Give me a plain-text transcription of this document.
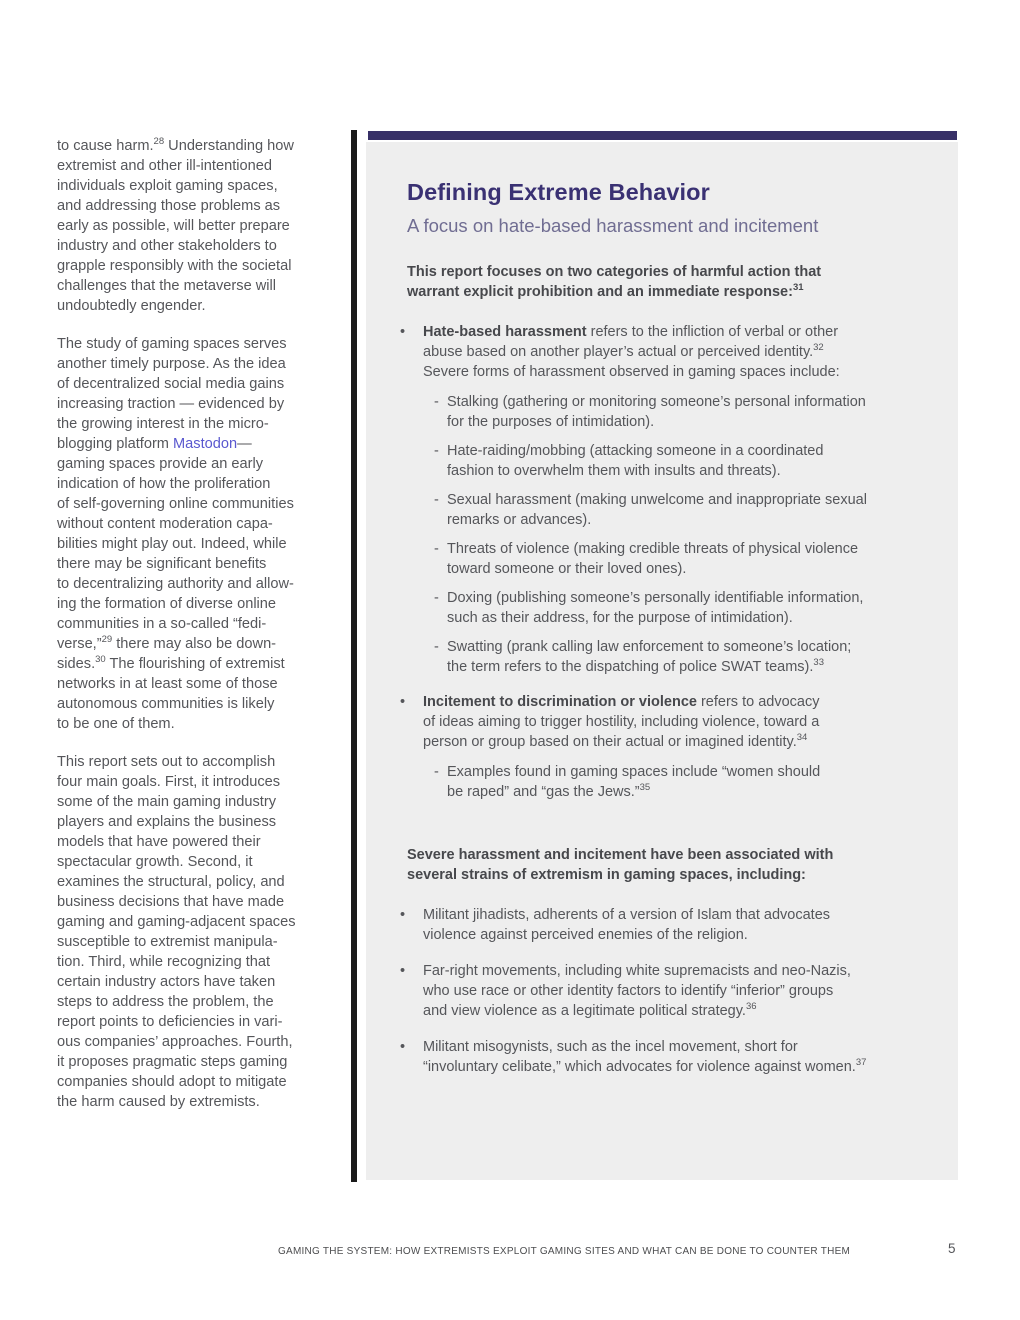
to cause harm.$^{28}$ Understanding how
extremist and other ill-intentioned
individuals exploit gaming spaces,
and addressing those problems as
early as possible, will better prepare
industry and other stakeholders to
grapple responsibly with the societal
challenges that the metaverse will
undoubtedly engender.

The study of gaming spaces serves
another timely purpose. As the idea
of decentralized social media gains
increasing traction — evidenced by
the growing interest in the micro-
blogging platform Mastodon—
gaming spaces provide an early
indication of how the proliferation
of self-governing online communities
without content moderation capa-
bilities might play out. Indeed, while
there may be significant benefits
to decentralizing authority and allow-
ing the formation of diverse online
communities in a so-called “fedi-
verse,”$^{29}$ there may also be down-
sides.$^{30}$ The flourishing of extremist
networks in at least some of those
autonomous communities is likely
to be one of them.

This report sets out to accomplish
four main goals. First, it introduces
some of the main gaming industry
players and explains the business
models that have powered their
spectacular growth. Second, it
examines the structural, policy, and
business decisions that have made
gaming and gaming-adjacent spaces
susceptible to extremist manipula-
tion. Third, while recognizing that
certain industry actors have taken
steps to address the problem, the
report points to deficiencies in vari-
ous companies’ approaches. Fourth,
it proposes pragmatic steps gaming
companies should adopt to mitigate
the harm caused by extremists.

Defining Extreme Behavior
A focus on hate-based harassment and incitement

This report focuses on two categories of harmful action that
warrant explicit prohibition and an immediate response:$^{31}$

•	Hate-based harassment refers to the infliction of verbal or other
abuse based on another player’s actual or perceived identity.$^{32}$
Severe forms of harassment observed in gaming spaces include:
- Stalking (gathering or monitoring someone’s personal information
for the purposes of intimidation).
- Hate-raiding/mobbing (attacking someone in a coordinated
fashion to overwhelm them with insults and threats).
- Sexual harassment (making unwelcome and inappropriate sexual
remarks or advances).
- Threats of violence (making credible threats of physical violence
toward someone or their loved ones).
- Doxing (publishing someone’s personally identifiable information,
such as their address, for the purpose of intimidation).
- Swatting (prank calling law enforcement to someone’s location;
the term refers to the dispatching of police SWAT teams).$^{33}$
•	Incitement to discrimination or violence refers to advocacy
of ideas aiming to trigger hostility, including violence, toward a
person or group based on their actual or imagined identity.$^{34}$
- Examples found in gaming spaces include “women should
be raped” and “gas the Jews.”$^{35}$

Severe harassment and incitement have been associated with
several strains of extremism in gaming spaces, including:

•	Militant jihadists, adherents of a version of Islam that advocates
violence against perceived enemies of the religion.
•	Far-right movements, including white supremacists and neo-Nazis,
who use race or other identity factors to identify “inferior” groups
and view violence as a legitimate political strategy.$^{36}$
•	Militant misogynists, such as the incel movement, short for
“involuntary celibate,” which advocates for violence against women.$^{37}$
GAMING THE SYSTEM: HOW EXTREMISTS EXPLOIT GAMING SITES AND WHAT CAN BE DONE TO COUNTER THEM	5
